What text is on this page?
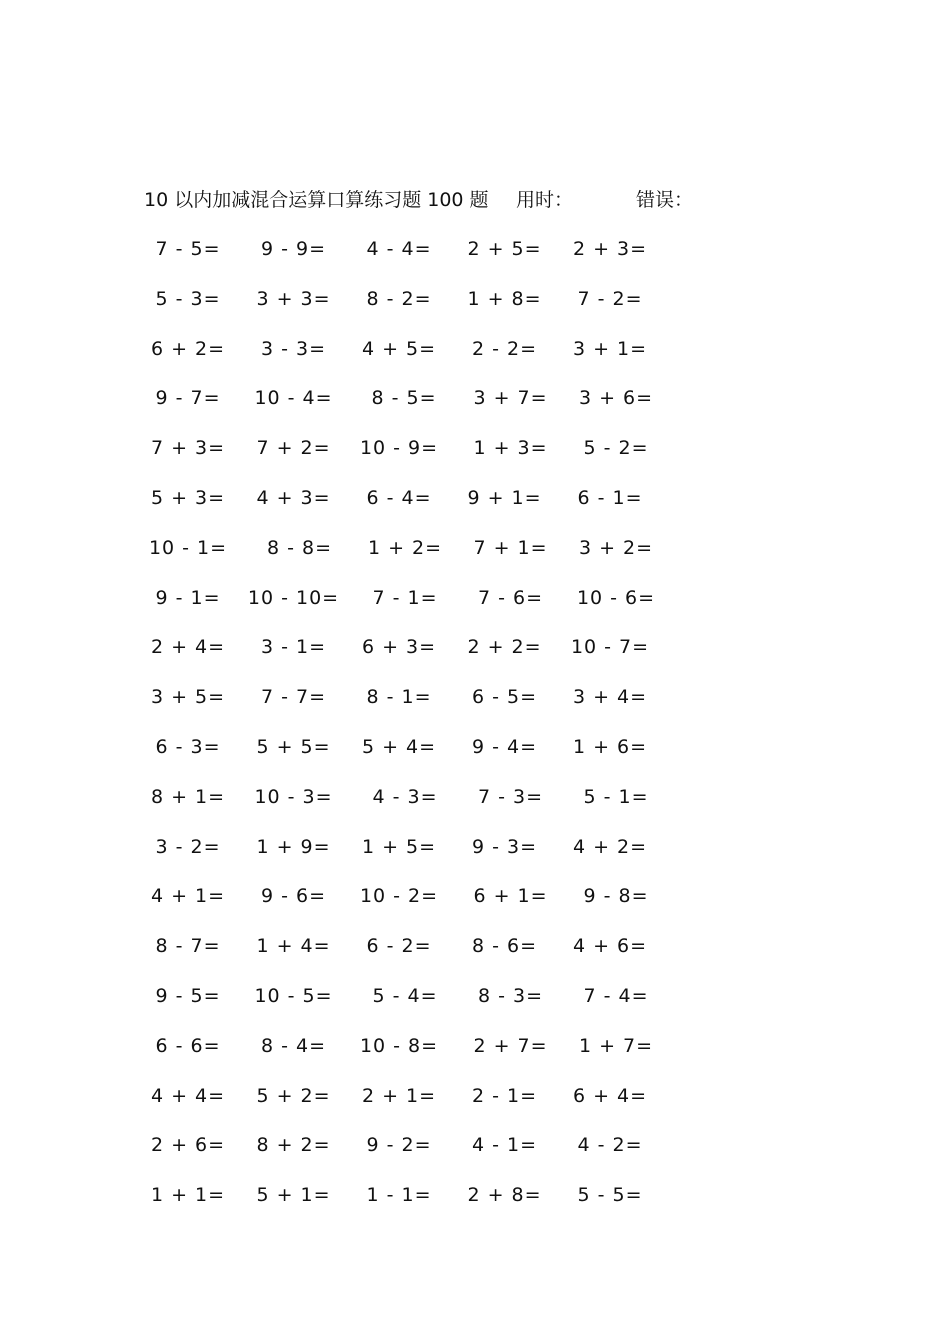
10 以内加减混合运算口算练习题 100 题 用时：	错误：
7 - 5=	9 - 9=	4 - 4=	2 + 5=	2 + 3=
5 - 3=	3 + 3=	8 - 2=	1 + 8=	7 - 2=
6 + 2=	3 - 3=	4 + 5=	2 - 2=	3 + 1=
9 - 7=	10 - 4=	8 - 5=	3 + 7=	3 + 6=
7 + 3=	7 + 2=	10 - 9=	1 + 3=	5 - 2=
5 + 3=	4 + 3=	6 - 4=	9 + 1=	6 - 1=
10 - 1=	8 - 8=	1 + 2=	7 + 1=	3 + 2=
9 - 1=	10 - 10=	7 - 1=	7 - 6=	10 - 6=
2 + 4=	3 - 1=	6 + 3=	2 + 2=	10 - 7=
3 + 5=	7 - 7=	8 - 1=	6 - 5=	3 + 4=
6 - 3=	5 + 5=	5 + 4=	9 - 4=	1 + 6=
8 + 1=	10 - 3=	4 - 3=	7 - 3=	5 - 1=
3 - 2=	1 + 9=	1 + 5=	9 - 3=	4 + 2=
4 + 1=	9 - 6=	10 - 2=	6 + 1=	9 - 8=
8 - 7=	1 + 4=	6 - 2=	8 - 6=	4 + 6=
9 - 5=	10 - 5=	5 - 4=	8 - 3=	7 - 4=
6 - 6=	8 - 4=	10 - 8=	2 + 7=	1 + 7=
4 + 4=	5 + 2=	2 + 1=	2 - 1=	6 + 4=
2 + 6=	8 + 2=	9 - 2=	4 - 1=	4 - 2=
1 + 1=	5 + 1=	1 - 1=	2 + 8=	5 - 5=
